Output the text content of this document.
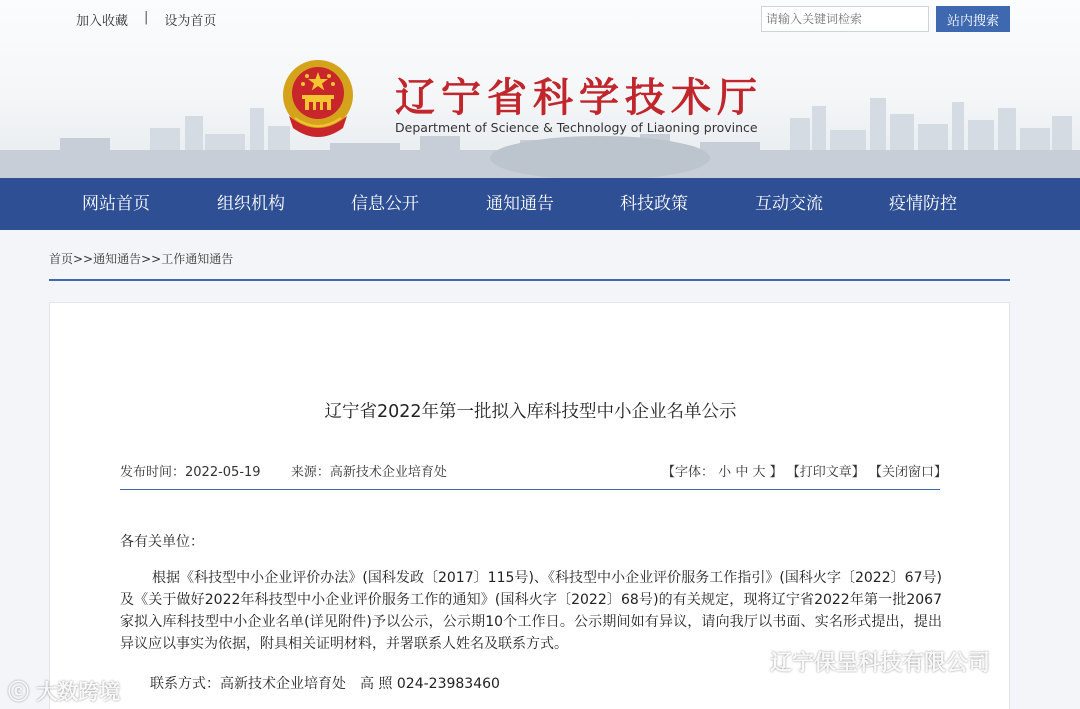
加入收藏 | 设为首页
请输入关键词检索	站内搜索
辽宁省科学技术厅
Department of Science & Technology of Liaoning province
网站首页	组织机构	信息公开	通知通告	科技政策	互动交流	疫情防控
首页>>通知通告>>工作通知通告
辽宁省2022年第一批拟入库科技型中小企业名单公示
发布时间：2022-05-19 来源：高新技术企业培育处	【字体： 小 中 大 】 【打印文章】 【关闭窗口】
各有关单位：
根据《科技型中小企业评价办法》(国科发政〔2017〕115号)、《科技型中小企业评价服务工作指引》(国科火字〔2022〕67号)及《关于做好2022年科技型中小企业评价服务工作的通知》(国科火字〔2022〕68号)的有关规定，现将辽宁省2022年第一批2067家拟入库科技型中小企业名单(详见附件)予以公示，公示期10个工作日。公示期间如有异议，请向我厅以书面、实名形式提出，提出异议应以事实为依据，附具相关证明材料，并署联系人姓名及联系方式。
联系方式：高新技术企业培育处　高 照 024-23983460
ⓒ 大数跨境
辽宁保呈科技有限公司
